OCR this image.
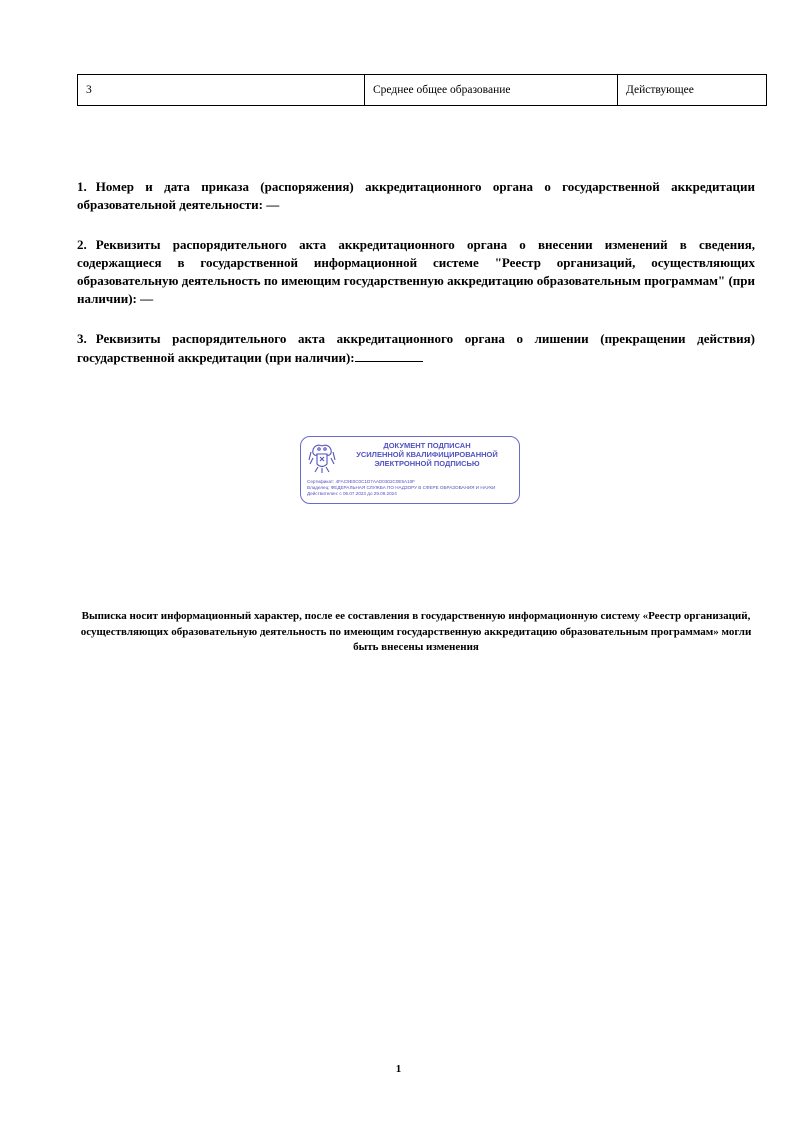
3	Среднее общее образование	Действующее
1. Номер и дата приказа (распоряжения) аккредитационного органа о государственной аккредитации образовательной деятельности: —
2. Реквизиты распорядительного акта аккредитационного органа о внесении изменений в сведения, содержащиеся в государственной информационной системе "Реестр организаций, осуществляющих образовательную деятельность по имеющим государственную аккредитацию образовательным программам" (при наличии): —
3. Реквизиты распорядительного акта аккредитационного органа о лишении (прекращении действия) государственной аккредитации (при наличии):
ДОКУМЕНТ ПОДПИСАН
УСИЛЕННОЙ КВАЛИФИЦИРОВАННОЙ
ЭЛЕКТРОННОЙ ПОДПИСЬЮ
Сертификат: 4FAC9E0C0C1D7AAD0302C0E5A10F
Владелец: ФЕДЕРАЛЬНАЯ СЛУЖБА ПО НАДЗОРУ В СФЕРЕ ОБРАЗОВАНИЯ И НАУКИ
Действителен: с 06.07.2023 до 29.09.2024
Выписка носит информационный характер, после ее составления в государственную информационную систему «Реестр организаций, осуществляющих образовательную деятельность по имеющим государственную аккредитацию образовательным программам» могли быть внесены изменения
1
